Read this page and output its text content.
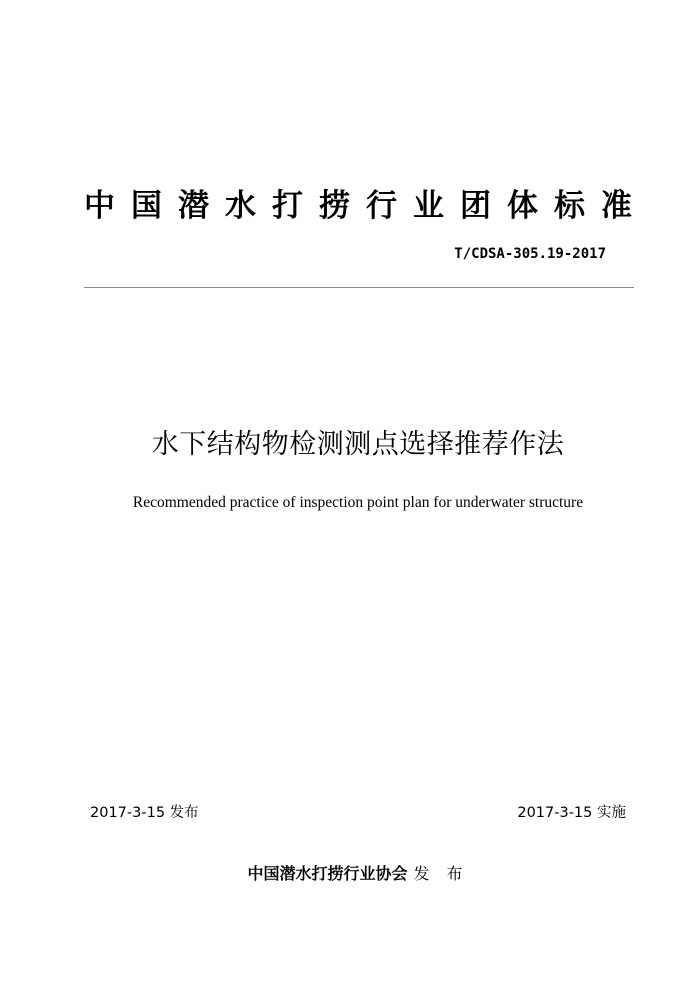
中 国 潜 水 打 捞 行 业 团 体 标 准
T/CDSA-305.19-2017
水下结构物检测测点选择推荐作法
Recommended practice of inspection point plan for underwater structure
2017-3-15 发布	2017-3-15 实施
中国潜水打捞行业协会 发 布
